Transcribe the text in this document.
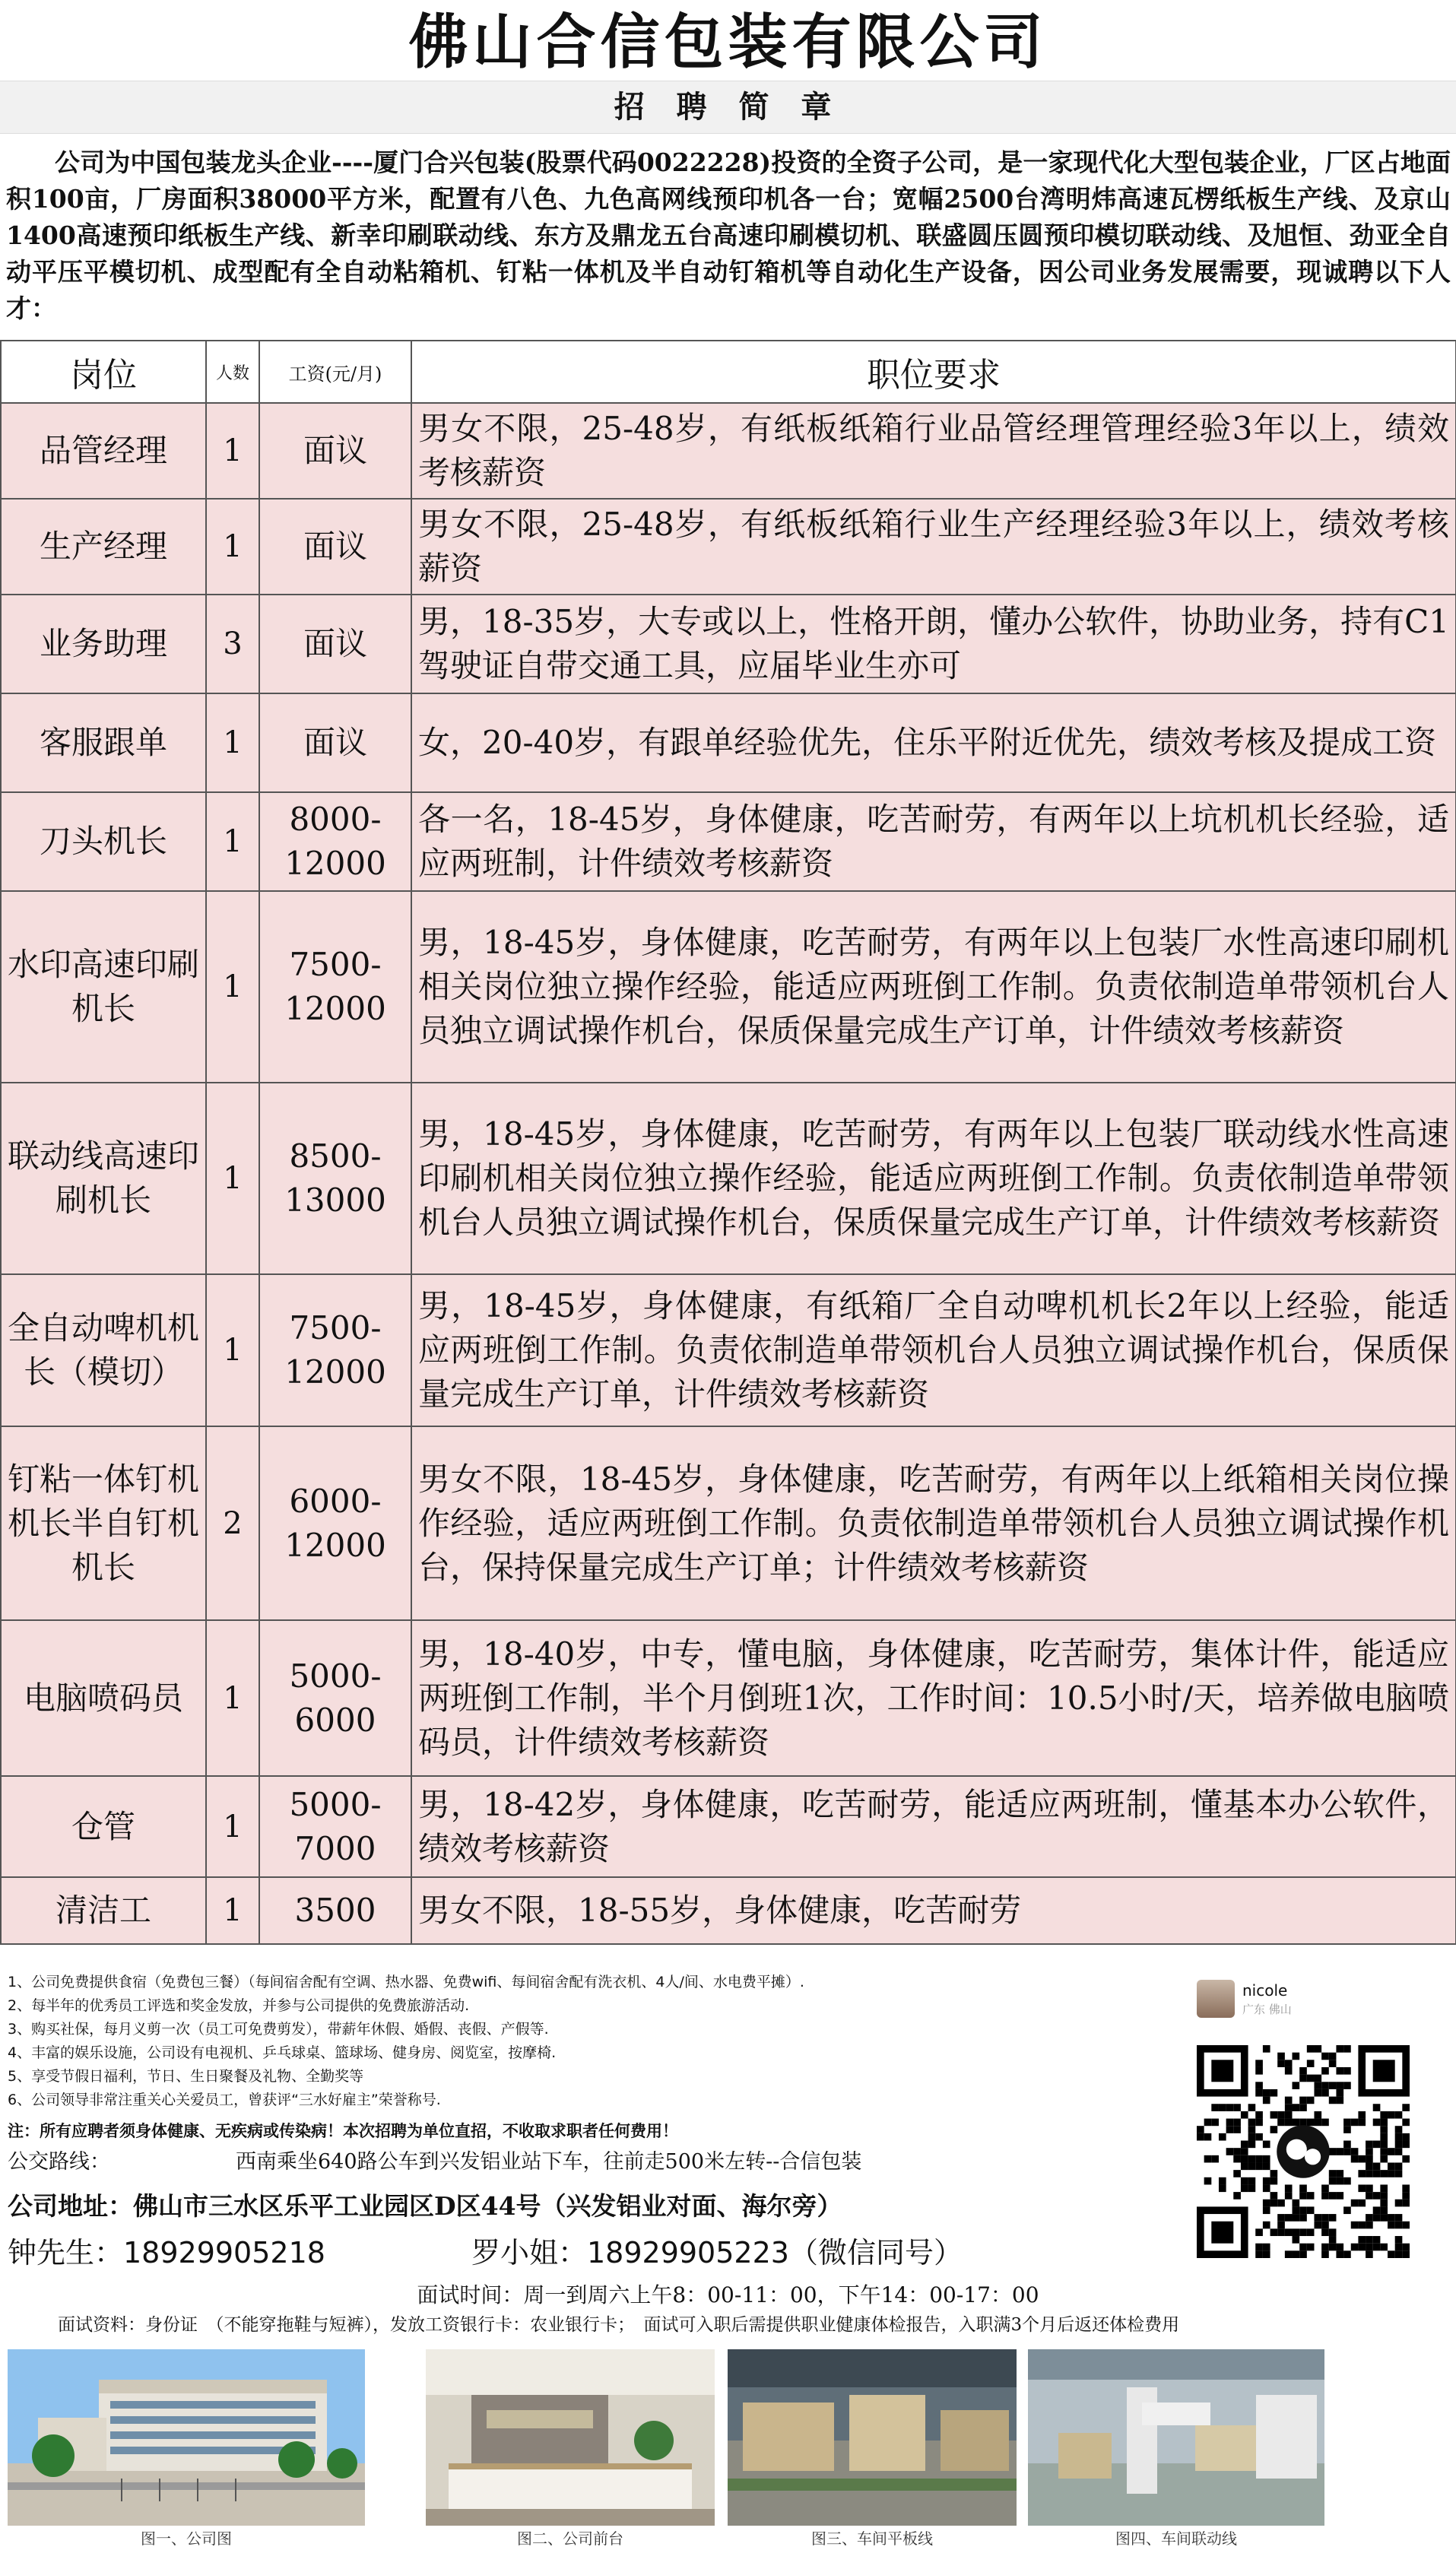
佛山合信包装有限公司
招 聘 简 章
公司为中国包装龙头企业----厦门合兴包装(股票代码0022228)投资的全资子公司，是一家现代化大型包装企业，厂区占地面积100亩，厂房面积38000平方米，配置有八色、九色高网线预印机各一台；宽幅2500台湾明炜高速瓦楞纸板生产线、及京山1400高速预印纸板生产线、新幸印刷联动线、东方及鼎龙五台高速印刷模切机、联盛圆压圆预印模切联动线、及旭恒、劲亚全自动平压平模切机、成型配有全自动粘箱机、钉粘一体机及半自动钉箱机等自动化生产设备，因公司业务发展需要，现诚聘以下人才：
岗位	人数	工资(元/月)	职位要求
品管经理	1	面议	男女不限，25-48岁，有纸板纸箱行业品管经理管理经验3年以上，绩效考核薪资
生产经理	1	面议	男女不限，25-48岁，有纸板纸箱行业生产经理经验3年以上，绩效考核薪资
业务助理	3	面议	男，18-35岁，大专或以上，性格开朗，懂办公软件，协助业务，持有C1驾驶证自带交通工具，应届毕业生亦可
客服跟单	1	面议	女，20-40岁，有跟单经验优先，住乐平附近优先，绩效考核及提成工资
刀头机长	1	8000-12000	各一名，18-45岁，身体健康，吃苦耐劳，有两年以上坑机机长经验，适应两班制，计件绩效考核薪资
水印高速印刷机长	1	7500-12000	男，18-45岁，身体健康，吃苦耐劳，有两年以上包装厂水性高速印刷机相关岗位独立操作经验，能适应两班倒工作制。负责依制造单带领机台人员独立调试操作机台，保质保量完成生产订单，计件绩效考核薪资
联动线高速印刷机长	1	8500-13000	男，18-45岁，身体健康，吃苦耐劳，有两年以上包装厂联动线水性高速印刷机相关岗位独立操作经验，能适应两班倒工作制。负责依制造单带领机台人员独立调试操作机台，保质保量完成生产订单，计件绩效考核薪资
全自动啤机机长（模切）	1	7500-12000	男，18-45岁，身体健康，有纸箱厂全自动啤机机长2年以上经验，能适应两班倒工作制。负责依制造单带领机台人员独立调试操作机台，保质保量完成生产订单，计件绩效考核薪资
钉粘一体钉机机长半自钉机机长	2	6000-12000	男女不限，18-45岁，身体健康，吃苦耐劳，有两年以上纸箱相关岗位操作经验，适应两班倒工作制。负责依制造单带领机台人员独立调试操作机台，保持保量完成生产订单；计件绩效考核薪资
电脑喷码员	1	5000-6000	男，18-40岁，中专，懂电脑，身体健康，吃苦耐劳，集体计件，能适应两班倒工作制，半个月倒班1次，工作时间：10.5小时/天，培养做电脑喷码员，计件绩效考核薪资
仓管	1	5000-7000	男，18-42岁，身体健康，吃苦耐劳，能适应两班制，懂基本办公软件，绩效考核薪资
清洁工	1	3500	男女不限，18-55岁，身体健康，吃苦耐劳
1、公司免费提供食宿（免费包三餐）（每间宿舍配有空调、热水器、免费wifi、每间宿舍配有洗衣机、4人/间、水电费平摊）.
2、每半年的优秀员工评选和奖金发放，并参与公司提供的免费旅游活动.
3、购买社保，每月义剪一次（员工可免费剪发），带薪年休假、婚假、丧假、产假等.
4、丰富的娱乐设施，公司设有电视机、乒乓球桌、篮球场、健身房、阅览室，按摩椅.
5、享受节假日福利，节日、生日聚餐及礼物、全勤奖等
6、公司领导非常注重关心关爱员工，曾获评“三水好雇主”荣誉称号.
注：所有应聘者须身体健康、无疾病或传染病！本次招聘为单位直招，不收取求职者任何费用！
公交路线：	西南乘坐640路公车到兴发铝业站下车，往前走500米左转--合信包装
公司地址：佛山市三水区乐平工业园区D区44号（兴发铝业对面、海尔旁）
钟先生：18929905218	罗小姐：18929905223（微信同号）
面试时间：周一到周六上午8：00-11：00，下午14：00-17：00
面试资料：身份证　（不能穿拖鞋与短裤），发放工资银行卡：农业银行卡；　面试可入职后需提供职业健康体检报告，入职满3个月后返还体检费用
nicole
广东 佛山
图一、公司图	图二、公司前台	图三、车间平板线	图四、车间联动线
